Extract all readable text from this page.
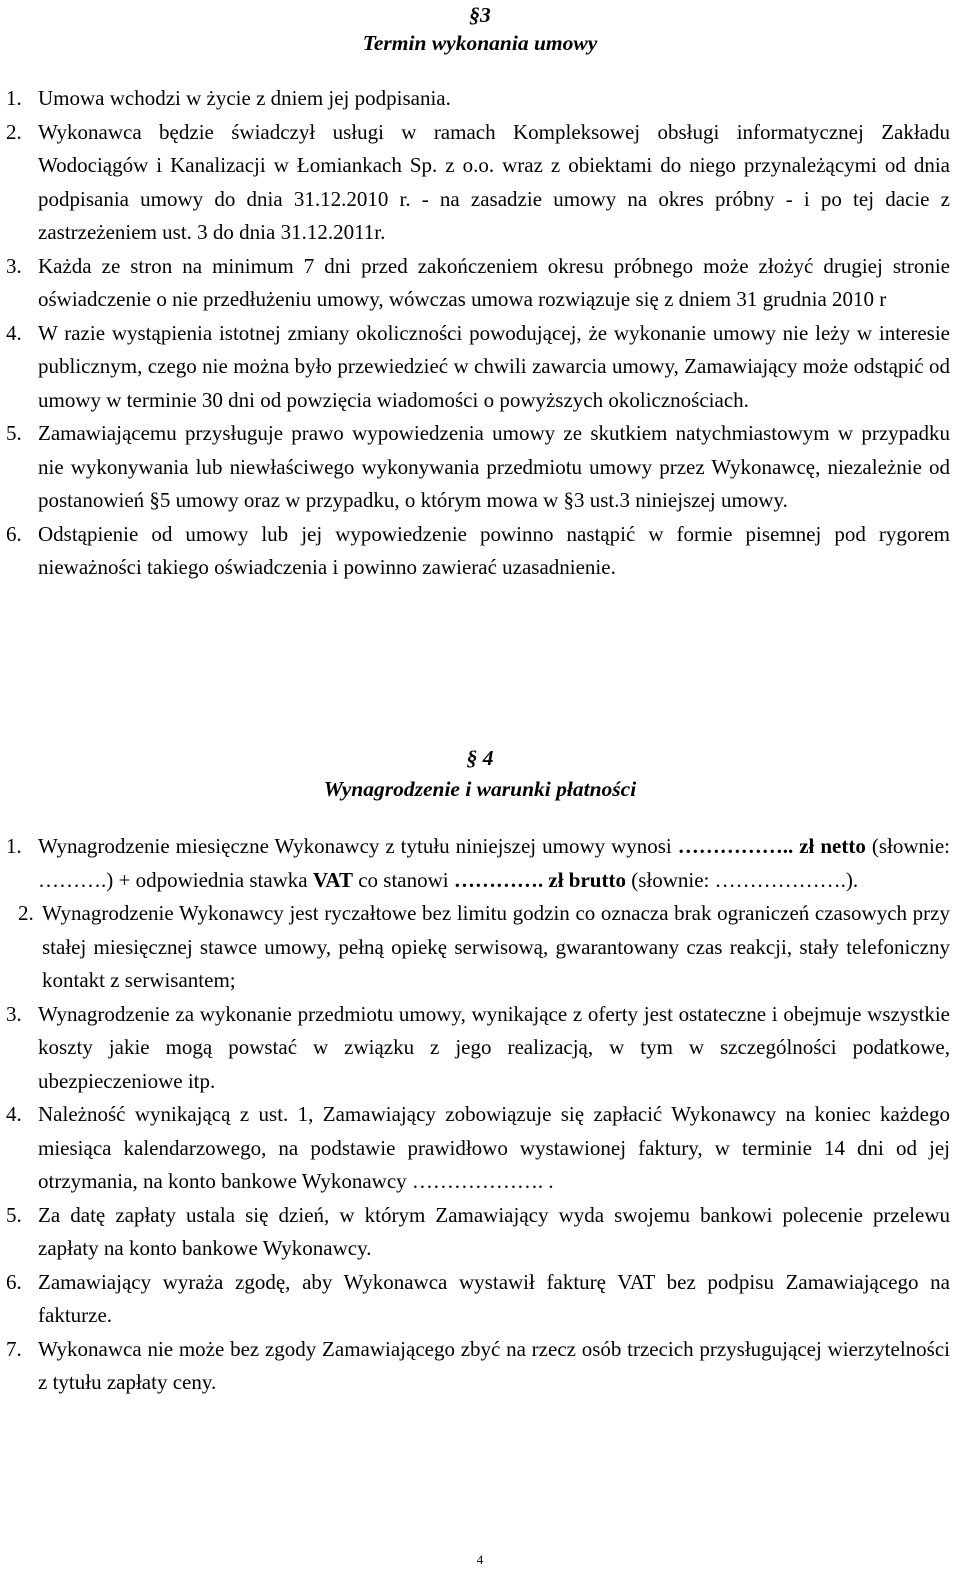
§3
Termin wykonania umowy
1. Umowa wchodzi w życie z dniem jej podpisania.
2. Wykonawca będzie świadczył usługi w ramach Kompleksowej obsługi informatycznej Zakładu Wodociągów i Kanalizacji w Łomiankach Sp. z o.o. wraz z obiektami do niego przynależącymi od dnia podpisania umowy do dnia 31.12.2010 r. - na zasadzie umowy na okres próbny - i po tej dacie z zastrzeżeniem ust. 3 do dnia 31.12.2011r.
3. Każda ze stron na minimum 7 dni przed zakończeniem okresu próbnego może złożyć drugiej stronie oświadczenie o nie przedłużeniu umowy, wówczas umowa rozwiązuje się z dniem 31 grudnia 2010 r
4. W razie wystąpienia istotnej zmiany okoliczności powodującej, że wykonanie umowy nie leży w interesie publicznym, czego nie można było przewiedzieć w chwili zawarcia umowy, Zamawiający może odstąpić od umowy w terminie 30 dni od powzięcia wiadomości o powyższych okolicznościach.
5. Zamawiającemu przysługuje prawo wypowiedzenia umowy ze skutkiem natychmiastowym w przypadku nie wykonywania lub niewłaściwego wykonywania przedmiotu umowy przez Wykonawcę, niezależnie od postanowień §5 umowy oraz w przypadku, o którym mowa w §3 ust.3 niniejszej umowy.
6. Odstąpienie od umowy lub jej wypowiedzenie powinno nastąpić w formie pisemnej pod rygorem nieważności takiego oświadczenia i powinno zawierać uzasadnienie.
§ 4
Wynagrodzenie i warunki płatności
1. Wynagrodzenie miesięczne Wykonawcy z tytułu niniejszej umowy wynosi …………….. zł netto (słownie: ……….) + odpowiednia stawka VAT co stanowi …………. zł brutto (słownie: ……………….).
2. Wynagrodzenie Wykonawcy jest ryczałtowe bez limitu godzin co oznacza brak ograniczeń czasowych przy stałej miesięcznej stawce umowy, pełną opiekę serwisową, gwarantowany czas reakcji, stały telefoniczny kontakt z serwisantem;
3. Wynagrodzenie za wykonanie przedmiotu umowy, wynikające z oferty jest ostateczne i obejmuje wszystkie koszty jakie mogą powstać w związku z jego realizacją, w tym w szczególności podatkowe, ubezpieczeniowe itp.
4. Należność wynikającą z ust. 1, Zamawiający zobowiązuje się zapłacić Wykonawcy na koniec każdego miesiąca kalendarzowego, na podstawie prawidłowo wystawionej faktury, w terminie 14 dni od jej otrzymania, na konto bankowe Wykonawcy ………………. .
5. Za datę zapłaty ustala się dzień, w którym Zamawiający wyda swojemu bankowi polecenie przelewu zapłaty na konto bankowe Wykonawcy.
6. Zamawiający wyraża zgodę, aby Wykonawca wystawił fakturę VAT bez podpisu Zamawiającego na fakturze.
7. Wykonawca nie może bez zgody Zamawiającego zbyć na rzecz osób trzecich przysługującej wierzytelności z tytułu zapłaty ceny.
4
